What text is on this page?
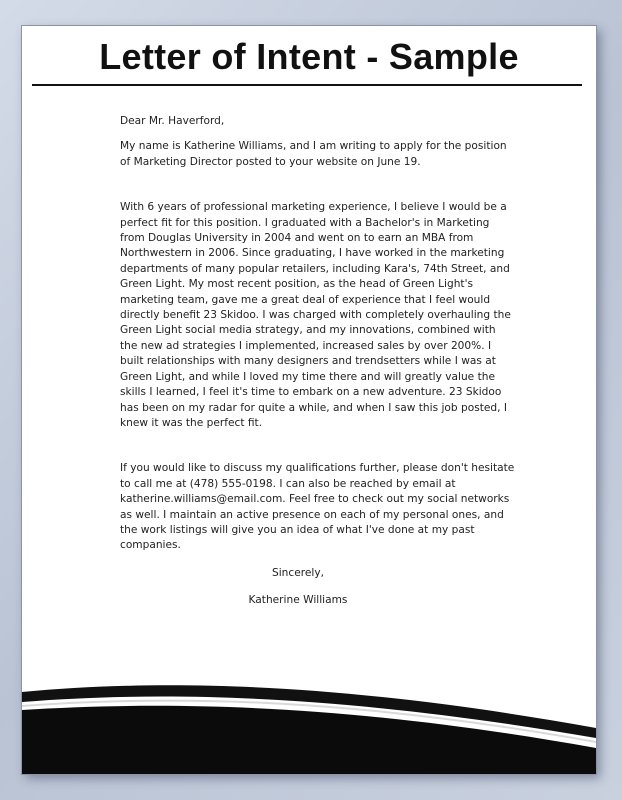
Letter of Intent - Sample

Dear Mr. Haverford,

My name is Katherine Williams, and I am writing to apply for the position of Marketing Director posted to your website on June 19.

With 6 years of professional marketing experience, I believe I would be a perfect fit for this position. I graduated with a Bachelor's in Marketing from Douglas University in 2004 and went on to earn an MBA from Northwestern in 2006. Since graduating, I have worked in the marketing departments of many popular retailers, including Kara's, 74th Street, and Green Light. My most recent position, as the head of Green Light's marketing team, gave me a great deal of experience that I feel would directly benefit 23 Skidoo. I was charged with completely overhauling the Green Light social media strategy, and my innovations, combined with the new ad strategies I implemented, increased sales by over 200%. I built relationships with many designers and trendsetters while I was at Green Light, and while I loved my time there and will greatly value the skills I learned, I feel it's time to embark on a new adventure. 23 Skidoo has been on my radar for quite a while, and when I saw this job posted, I knew it was the perfect fit.

If you would like to discuss my qualifications further, please don't hesitate to call me at (478) 555-0198. I can also be reached by email at katherine.williams@email.com. Feel free to check out my social networks as well. I maintain an active presence on each of my personal ones, and the work listings will give you an idea of what I've done at my past companies.

Sincerely,

Katherine Williams
